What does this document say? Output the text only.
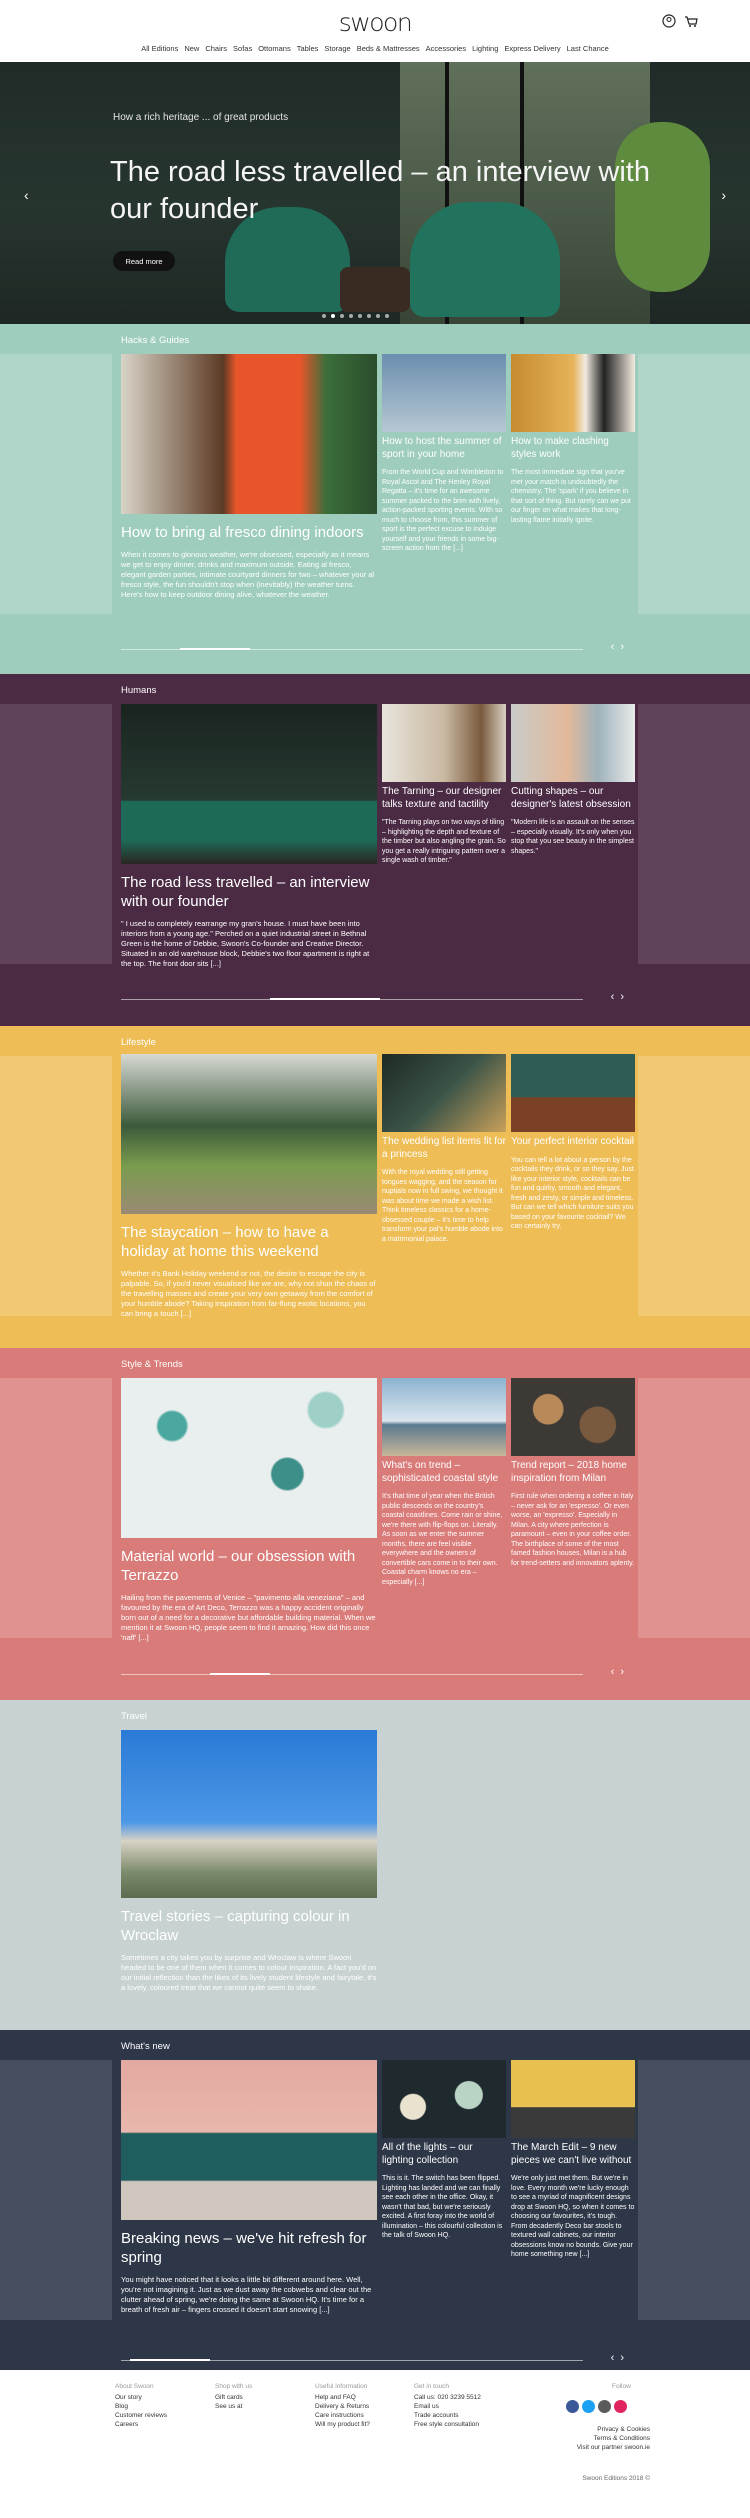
swoon
All Editions New Chairs Sofas Ottomans Tables Storage Beds & Mattresses Accessories Lighting Express Delivery Last Chance
How a rich heritage ... of great products
The road less travelled – an interview with our founder
Read more
‹	›
Hacks & Guides
How to bring al fresco dining indoors
When it comes to glorious weather, we're obsessed, especially as it means we get to enjoy dinner, drinks and maximum outside. Eating al fresco, elegant garden parties, intimate courtyard dinners for two – whatever your al fresco style, the fun shouldn't stop when (inevitably) the weather turns. Here's how to keep outdoor dining alive, whatever the weather.
How to host the summer of sport in your home
From the World Cup and Wimbledon to Royal Ascot and The Henley Royal Regatta – it's time for an awesome summer packed to the brim with lively, action-packed sporting events. With so much to choose from, this summer of sport is the perfect excuse to indulge yourself and your friends in some big-screen action from the [...]
How to make clashing styles work
The most immediate sign that you've met your match is undoubtedly the chemistry. The 'spark' if you believe in that sort of thing. But rarely can we put our finger on what makes that long-lasting flame initially ignite.
‹›
Humans
The road less travelled – an interview with our founder
" I used to completely rearrange my gran's house. I must have been into interiors from a young age." Perched on a quiet industrial street in Bethnal Green is the home of Debbie, Swoon's Co-founder and Creative Director. Situated in an old warehouse block, Debbie's two floor apartment is right at the top. The front door sits [...]
The Tarning – our designer talks texture and tactility
"The Tarning plays on two ways of tiling – highlighting the depth and texture of the timber but also angling the grain. So you get a really intriguing pattern over a single wash of timber."
Cutting shapes – our designer's latest obsession
"Modern life is an assault on the senses – especially visually. It's only when you stop that you see beauty in the simplest shapes."
‹›
Lifestyle
The staycation – how to have a holiday at home this weekend
Whether it's Bank Holiday weekend or not, the desire to escape the city is palpable. So, if you'd never visualised like we are, why not shun the chaos of the travelling masses and create your very own getaway from the comfort of your humble abode? Taking inspiration from far-flung exotic locations, you can bring a touch [...]
The wedding list items fit for a princess
With the royal wedding still getting tongues wagging, and the season for nuptials now in full swing, we thought it was about time we made a wish list. Think timeless classics for a home-obsessed couple – it's time to help transform your pal's humble abode into a matrimonial palace.
Your perfect interior cocktail
You can tell a lot about a person by the cocktails they drink, or so they say. Just like your interior style, cocktails can be fun and quirky, smooth and elegant, fresh and zesty, or simple and timeless. But can we tell which furniture suits you based on your favourite cocktail? We can certainly try.
Style & Trends
Material world – our obsession with Terrazzo
Hailing from the pavements of Venice – "pavimento alla veneziana" – and favoured by the era of Art Deco, Terrazzo was a happy accident originally born out of a need for a decorative but affordable building material. When we mention it at Swoon HQ, people seem to find it amazing. How did this once 'naff' [...]
What's on trend – sophisticated coastal style
It's that time of year when the British public descends on the country's coastal coastlines. Come rain or shine, we're there with flip-flops on. Literally. As soon as we enter the summer months, there are feel visible everywhere and the owners of convertible cars come in to their own. Coastal charm knows no era – especially [...]
Trend report – 2018 home inspiration from Milan
First rule when ordering a coffee in Italy – never ask for an 'espresso'. Or even worse, an 'expresso'. Especially in Milan. A city where perfection is paramount – even in your coffee order. The birthplace of some of the most famed fashion houses, Milan is a hub for trend-setters and innovators aplenty.
‹›
Travel
Travel stories – capturing colour in Wroclaw
Sometimes a city takes you by surprise and Wroclaw is where Swoon headed to be one of them when it comes to colour inspiration. A fact you'd on our initial reflection than the likes of its lively student lifestyle and fairytale, it's a lovely, coloured treat that we cannot quite seem to shake.
What's new
Breaking news – we've hit refresh for spring
You might have noticed that it looks a little bit different around here. Well, you're not imagining it. Just as we dust away the cobwebs and clear out the clutter ahead of spring, we're doing the same at Swoon HQ. It's time for a breath of fresh air – fingers crossed it doesn't start snowing [...]
All of the lights – our lighting collection
This is it. The switch has been flipped. Lighting has landed and we can finally see each other in the office. Okay, it wasn't that bad, but we're seriously excited. A first foray into the world of illumination – this colourful collection is the talk of Swoon HQ.
The March Edit – 9 new pieces we can't live without
We're only just met them. But we're in love. Every month we're lucky enough to see a myriad of magnificent designs drop at Swoon HQ, so when it comes to choosing our favourites, it's tough. From decadently Deco bar stools to textured wall cabinets, our interior obsessions know no bounds. Give your home something new [...]
‹›
About Swoon
Our story
Blog
Customer reviews
Careers
Shop with us
Gift cards
See us at
Useful information
Help and FAQ
Delivery & Returns
Care instructions
Will my product fit?
Get in touch
Call us: 020 3239 5512
Email us
Trade accounts
Free style consultation
Follow
Privacy & Cookies
Terms & Conditions
Visit our partner swoon.ie
Swoon Editions 2018 ©
